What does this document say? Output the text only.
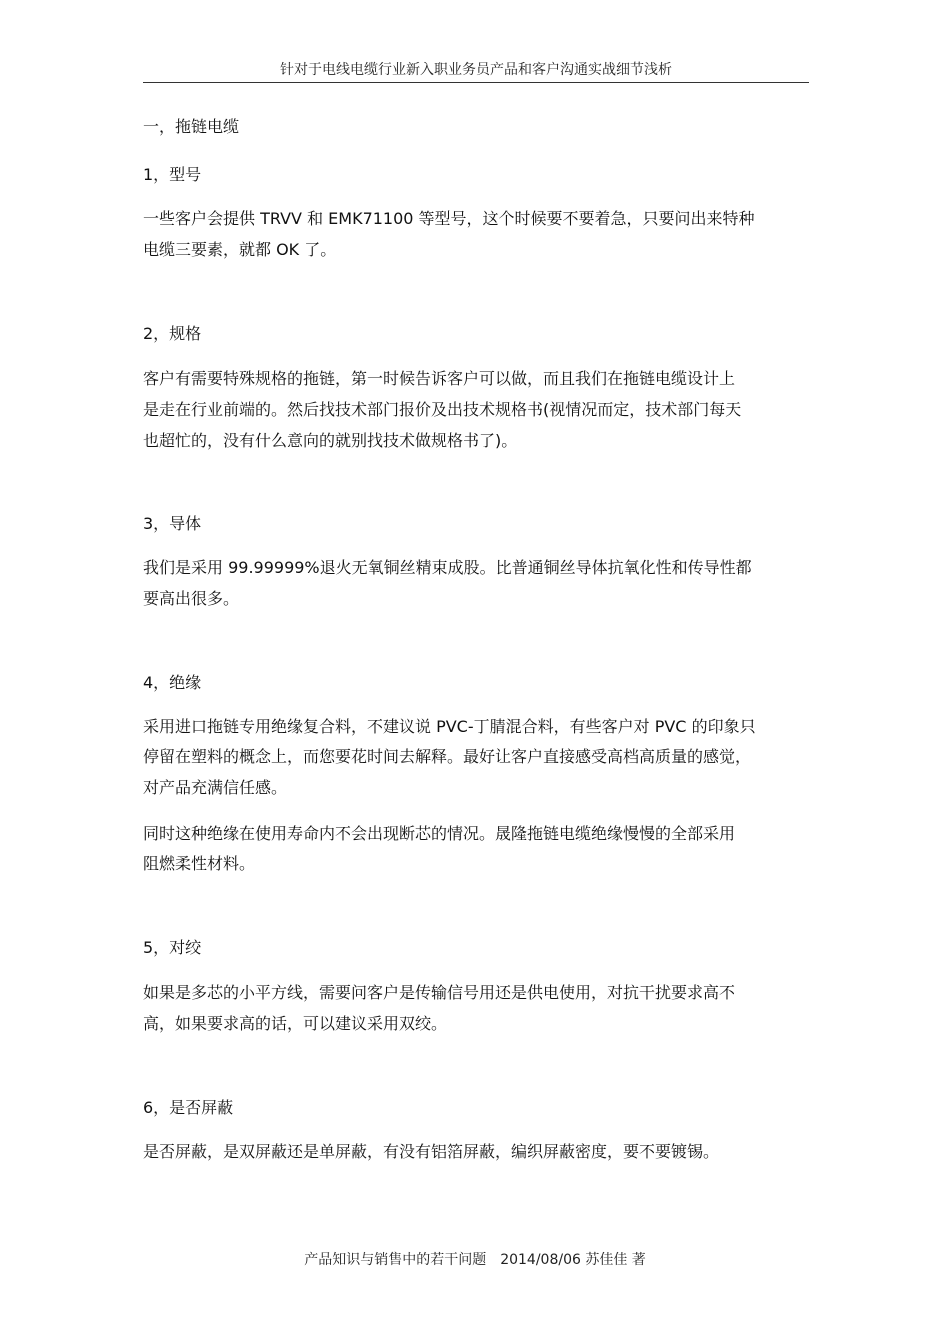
针对于电线电缆行业新入职业务员产品和客户沟通实战细节浅析
一，拖链电缆
1，型号
一些客户会提供 TRVV 和 EMK71100 等型号，这个时候要不要着急，只要问出来特种
电缆三要素，就都 OK 了。
2，规格
客户有需要特殊规格的拖链，第一时候告诉客户可以做，而且我们在拖链电缆设计上
是走在行业前端的。然后找技术部门报价及出技术规格书(视情况而定，技术部门每天
也超忙的，没有什么意向的就别找技术做规格书了)。
3，导体
我们是采用 99.99999%退火无氧铜丝精束成股。比普通铜丝导体抗氧化性和传导性都
要高出很多。
4，绝缘
采用进口拖链专用绝缘复合料，不建议说 PVC-丁腈混合料，有些客户对 PVC 的印象只
停留在塑料的概念上，而您要花时间去解释。最好让客户直接感受高档高质量的感觉，
对产品充满信任感。
同时这种绝缘在使用寿命内不会出现断芯的情况。晟隆拖链电缆绝缘慢慢的全部采用
阻燃柔性材料。
5，对绞
如果是多芯的小平方线，需要问客户是传输信号用还是供电使用，对抗干扰要求高不
高，如果要求高的话，可以建议采用双绞。
6，是否屏蔽
是否屏蔽，是双屏蔽还是单屏蔽，有没有铝箔屏蔽，编织屏蔽密度，要不要镀锡。
产品知识与销售中的若干问题　2014/08/06 苏佳佳 著
